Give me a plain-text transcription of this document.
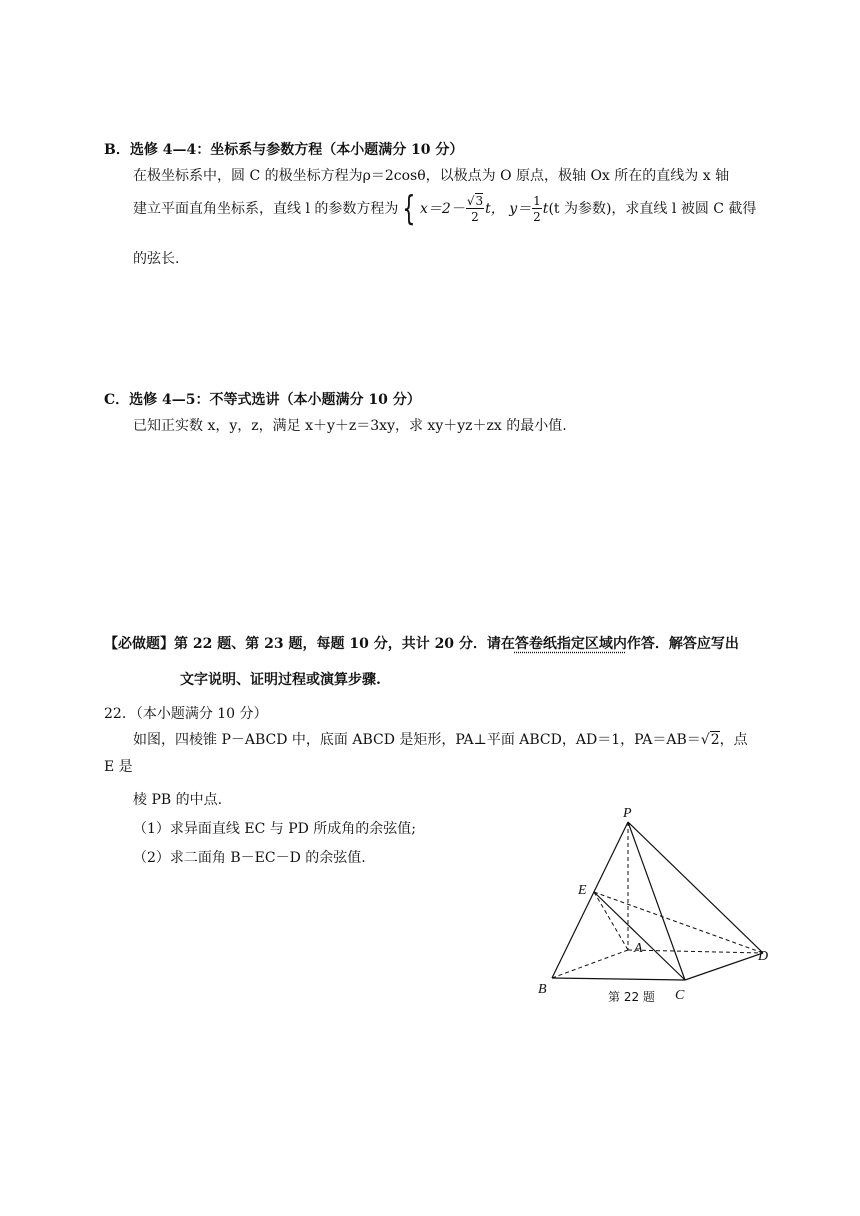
B．选修 4—4：坐标系与参数方程（本小题满分 10 分）
在极坐标系中，圆 C 的极坐标方程为ρ＝2cosθ，以极点为 O 原点，极轴 Ox 所在的直线为 x 轴
建立平面直角坐标系，直线 l 的参数方程为 { $x=2- \frac{√3}{2}$ t， $y= \frac{1}{2} t(t$ 为参数)，求直线 l 被圆 C 截得
的弦长.
C．选修 4—5：不等式选讲（本小题满分 10 分）
已知正实数 x，y，z，满足 x＋y＋z＝3xy，求 xy＋yz＋zx 的最小值.
【必做题】第 22 题、第 23 题，每题 10 分，共计 20 分．请在答卷纸指定区域内作答．解答应写出
文字说明、证明过程或演算步骤.
22．（本小题满分 10 分）
如图，四棱锥 P－ABCD 中，底面 ABCD 是矩形，PA⊥平面 ABCD，AD＝1，PA＝AB＝√2，点
E 是
棱 PB 的中点.
（1）求异面直线 EC 与 PD 所成角的余弦值;
（2）求二面角 B－EC－D 的余弦值.
P
E
A
B	C
D
第 22 题
